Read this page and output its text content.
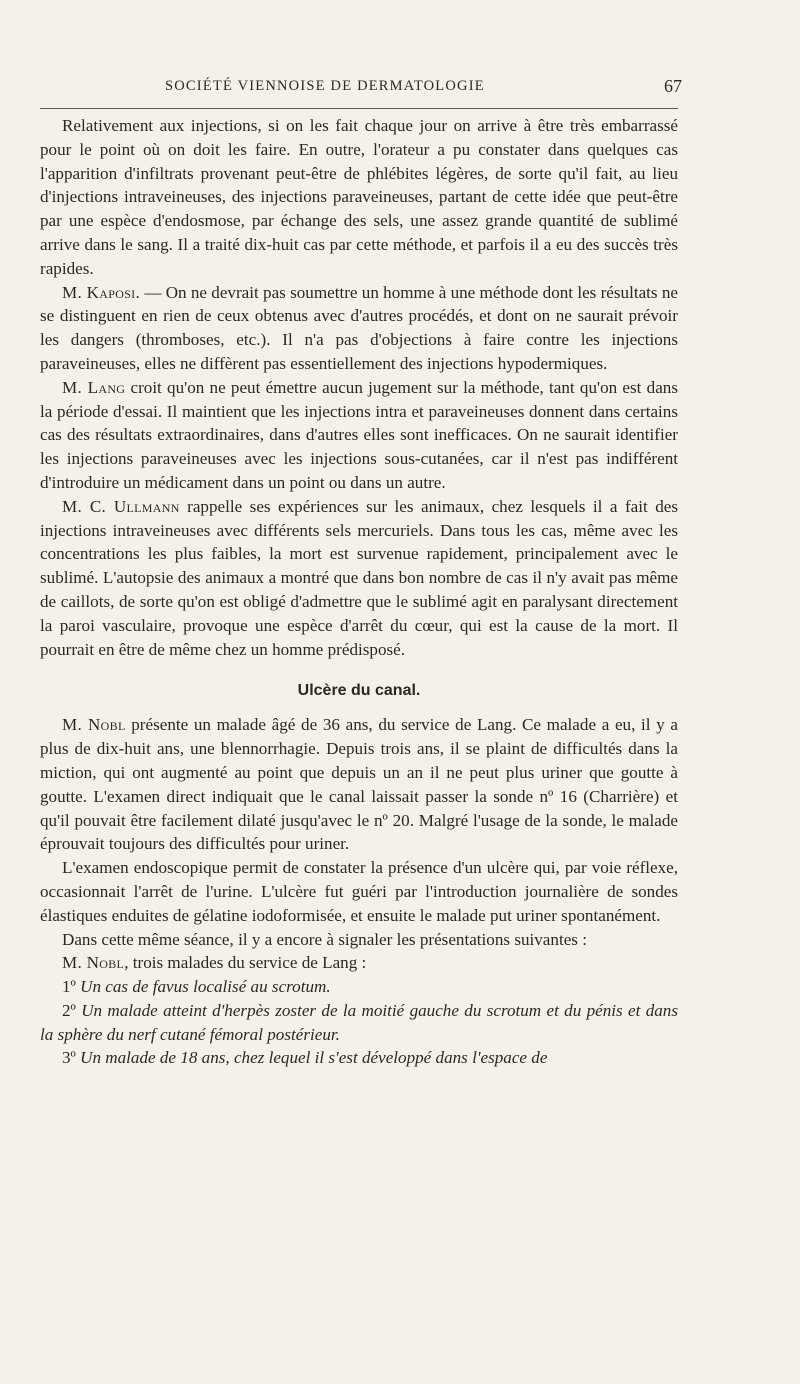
SOCIÉTÉ VIENNOISE DE DERMATOLOGIE	67

Relativement aux injections, si on les fait chaque jour on arrive à être très embarrassé pour le point où on doit les faire. En outre, l'orateur a pu constater dans quelques cas l'apparition d'infiltrats provenant peut-être de phlébites légères, de sorte qu'il fait, au lieu d'injections intraveineuses, des injections paraveineuses, partant de cette idée que peut-être par une espèce d'endosmose, par échange des sels, une assez grande quantité de sublimé arrive dans le sang. Il a traité dix-huit cas par cette méthode, et parfois il a eu des succès très rapides.

M. Kaposi. — On ne devrait pas soumettre un homme à une méthode dont les résultats ne se distinguent en rien de ceux obtenus avec d'autres procédés, et dont on ne saurait prévoir les dangers (thromboses, etc.). Il n'a pas d'objections à faire contre les injections paraveineuses, elles ne diffèrent pas essentiellement des injections hypodermiques.

M. Lang croit qu'on ne peut émettre aucun jugement sur la méthode, tant qu'on est dans la période d'essai. Il maintient que les injections intra et paraveineuses donnent dans certains cas des résultats extraordinaires, dans d'autres elles sont inefficaces. On ne saurait identifier les injections paraveineuses avec les injections sous-cutanées, car il n'est pas indifférent d'introduire un médicament dans un point ou dans un autre.

M. C. Ullmann rappelle ses expériences sur les animaux, chez lesquels il a fait des injections intraveineuses avec différents sels mercuriels. Dans tous les cas, même avec les concentrations les plus faibles, la mort est survenue rapidement, principalement avec le sublimé. L'autopsie des animaux a montré que dans bon nombre de cas il n'y avait pas même de caillots, de sorte qu'on est obligé d'admettre que le sublimé agit en paralysant directement la paroi vasculaire, provoque une espèce d'arrêt du cœur, qui est la cause de la mort. Il pourrait en être de même chez un homme prédisposé.

Ulcère du canal.

M. Nobl présente un malade âgé de 36 ans, du service de Lang. Ce malade a eu, il y a plus de dix-huit ans, une blennorrhagie. Depuis trois ans, il se plaint de difficultés dans la miction, qui ont augmenté au point que depuis un an il ne peut plus uriner que goutte à goutte. L'examen direct indiquait que le canal laissait passer la sonde nº 16 (Charrière) et qu'il pouvait être facilement dilaté jusqu'avec le nº 20. Malgré l'usage de la sonde, le malade éprouvait toujours des difficultés pour uriner.

L'examen endoscopique permit de constater la présence d'un ulcère qui, par voie réflexe, occasionnait l'arrêt de l'urine. L'ulcère fut guéri par l'introduction journalière de sondes élastiques enduites de gélatine iodoformisée, et ensuite le malade put uriner spontanément.

Dans cette même séance, il y a encore à signaler les présentations suivantes :

M. Nobl, trois malades du service de Lang :

1º Un cas de favus localisé au scrotum.

2º Un malade atteint d'herpès zoster de la moitié gauche du scrotum et du pénis et dans la sphère du nerf cutané fémoral postérieur.

3º Un malade de 18 ans, chez lequel il s'est développé dans l'espace de
